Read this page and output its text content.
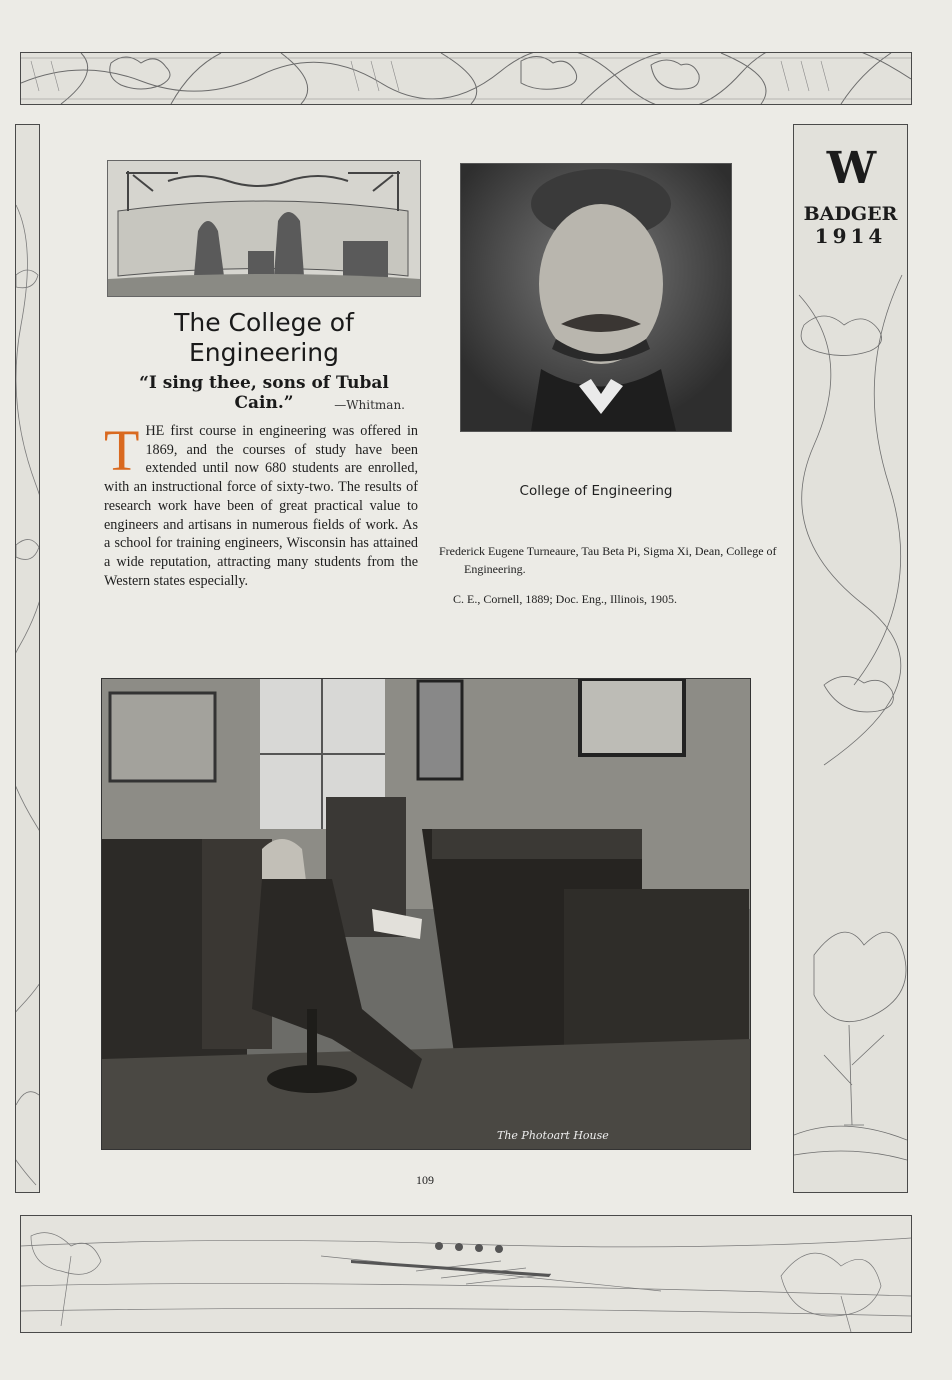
W
BADGER
1914
The College of
Engineering
“I sing thee, sons of Tubal Cain.”	—Whitman.
THE first course in engineering was offered in 1869, and the courses of study have been extended until now 680 students are enrolled, with an instructional force of sixty-two. The results of research work have been of great practical value to engineers and artisans in numerous fields of work. As a school for training engineers, Wisconsin has attained a wide reputation, attracting many students from the Western states especially.
College of Engineering
Frederick Eugene Turneaure, Tau Beta Pi, Sigma Xi, Dean, College of Engineering.
C. E., Cornell, 1889; Doc. Eng., Illinois, 1905.
The Photoart House
109
